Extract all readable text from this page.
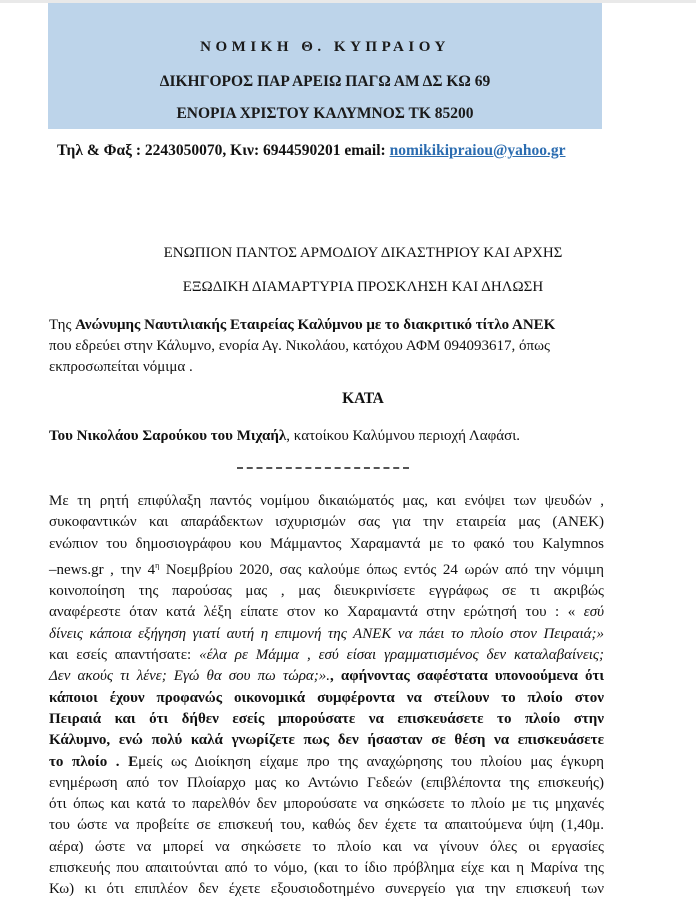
ΝΟΜΙΚΗ Θ. ΚΥΠΡΑΙΟΥ
ΔΙΚΗΓΟΡΟΣ ΠΑΡ ΑΡΕΙΩ ΠΑΓΩ ΑΜ ΔΣ ΚΩ 69
ΕΝΟΡΙΑ ΧΡΙΣΤΟΥ ΚΑΛΥΜΝΟΣ ΤΚ 85200
Τηλ & Φαξ : 2243050070, Κιν: 6944590201 email: nomikikipraiou@yahoo.gr
ΕΝΩΠΙΟΝ ΠΑΝΤΟΣ ΑΡΜΟΔΙΟΥ ΔΙΚΑΣΤΗΡΙΟΥ ΚΑΙ ΑΡΧΗΣ
ΕΞΩΔΙΚΗ ΔΙΑΜΑΡΤΥΡΙΑ ΠΡΟΣΚΛΗΣΗ ΚΑΙ ΔΗΛΩΣΗ
Της Ανώνυμης Ναυτιλιακής Εταιρείας Καλύμνου με το διακριτικό τίτλο ΑΝΕΚ
που εδρεύει στην Κάλυμνο, ενορία Αγ. Νικολάου, κατόχου ΑΦΜ 094093617, όπως
εκπροσωπείται νόμιμα .
ΚΑΤΑ
Του Νικολάου Σαρούκου του Μιχαήλ, κατοίκου Καλύμνου περιοχή Λαφάσι.
Με τη ρητή επιφύλαξη παντός νομίμου δικαιώματός μας, και ενόψει των ψευδών ,
συκοφαντικών και απαράδεκτων ισχυρισμών σας για την εταιρεία μας (ΑΝΕΚ)
ενώπιον του δημοσιογράφου κου Μάμμαντος Χαραμαντά με το φακό του Kalymnos
–news.gr , την $4^\eta$ Νοεμβρίου 2020, σας καλούμε όπως εντός 24 ωρών από την νόμιμη
κοινοποίηση της παρούσας μας , μας διευκρινίσετε εγγράφως σε τι ακριβώς
αναφέρεστε όταν κατά λέξη είπατε στον κο Χαραμαντά στην ερώτησή του : « εσύ
δίνεις κάποια εξήγηση γιατί αυτή η επιμονή της ΑΝΕΚ να πάει το πλοίο στον Πειραιά;»
και εσείς απαντήσατε: «έλα ρε Μάμμα , εσύ είσαι γραμματισμένος δεν καταλαβαίνεις;
Δεν ακούς τι λένε; Εγώ θα σου πω τώρα;»., αφήνοντας σαφέστατα υπονοούμενα ότι
κάποιοι έχουν προφανώς οικονομικά συμφέροντα να στείλουν το πλοίο στον
Πειραιά και ότι δήθεν εσείς μπορούσατε να επισκευάσετε το πλοίο στην
Κάλυμνο, ενώ πολύ καλά γνωρίζετε πως δεν ήσασταν σε θέση να επισκευάσετε
το πλοίο . Εμείς ως Διοίκηση είχαμε προ της αναχώρησης του πλοίου μας έγκυρη
ενημέρωση από τον Πλοίαρχο μας κο Αντώνιο Γεδεών (επιβλέποντα της επισκευής)
ότι όπως και κατά το παρελθόν δεν μπορούσατε να σηκώσετε το πλοίο με τις μηχανές
του ώστε να προβείτε σε επισκευή του, καθώς δεν έχετε τα απαιτούμενα ύψη (1,40μ.
αέρα) ώστε να μπορεί να σηκώσετε το πλοίο και να γίνουν όλες οι εργασίες
επισκευής που απαιτούνται από το νόμο, (και το ίδιο πρόβλημα είχε και η Μαρίνα της
Κω) κι ότι επιπλέον δεν έχετε εξουσιοδοτημένο συνεργείο για την επισκευή των
